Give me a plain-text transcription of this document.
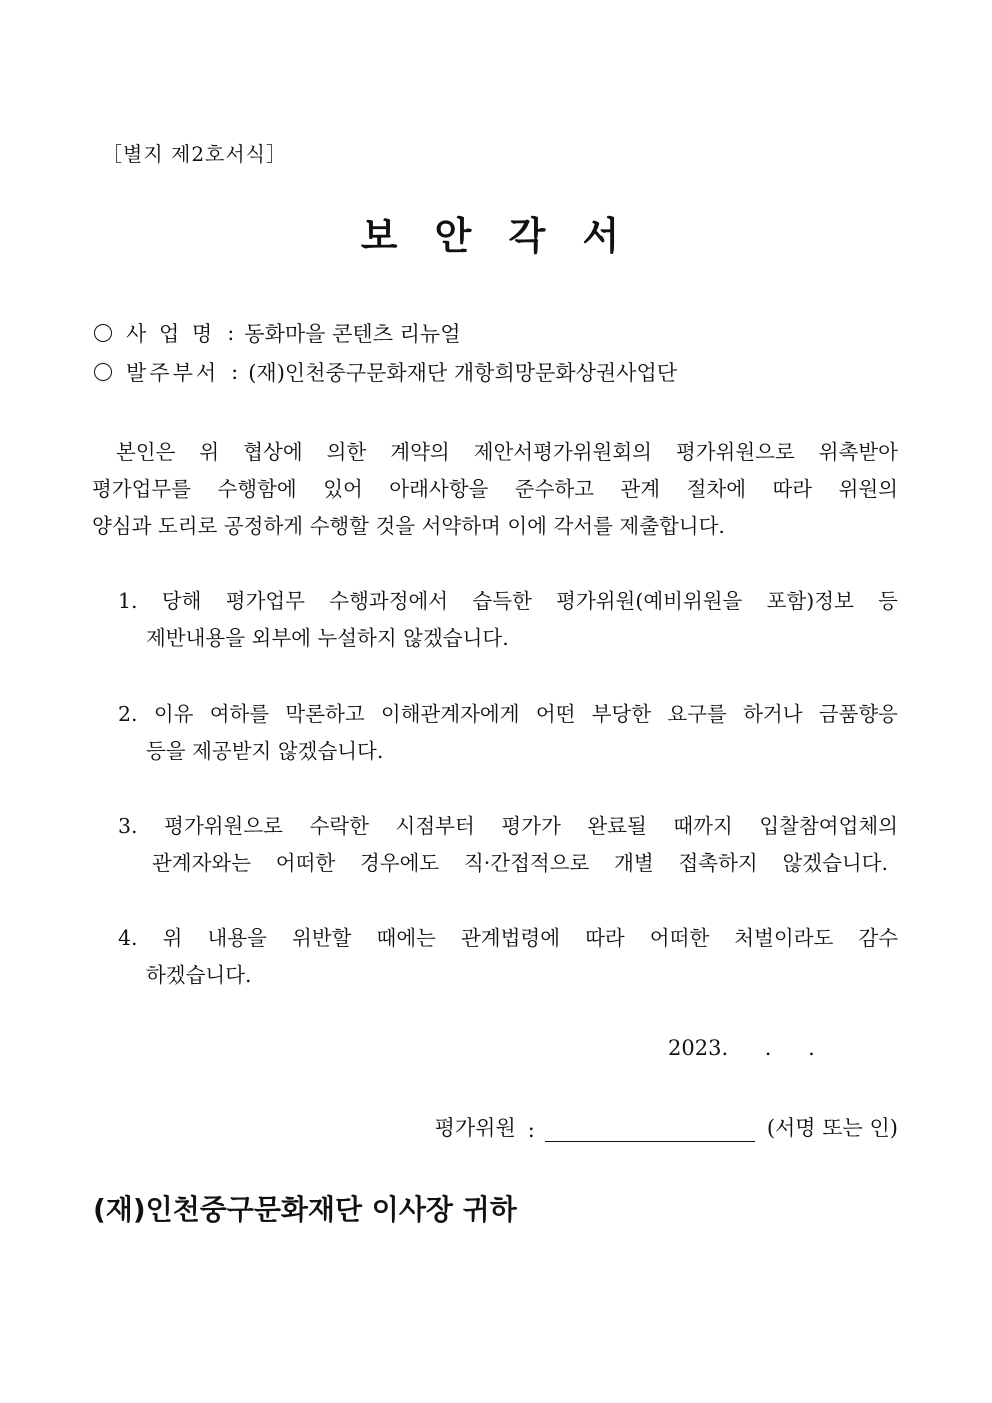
［별지 제2호서식］
보 안 각 서
사 업 명 : 동화마을 콘텐츠 리뉴얼
발주부서 : (재)인천중구문화재단 개항희망문화상권사업단
본인은 위 협상에 의한 계약의 제안서평가위원회의 평가위원으로 위촉받아
평가업무를 수행함에 있어 아래사항을 준수하고 관계 절차에 따라 위원의
양심과 도리로 공정하게 수행할 것을 서약하며 이에 각서를 제출합니다.
1. 당해 평가업무 수행과정에서 습득한 평가위원(예비위원을 포함)정보 등
제반내용을 외부에 누설하지 않겠습니다.
2. 이유 여하를 막론하고 이해관계자에게 어떤 부당한 요구를 하거나 금품향응
등을 제공받지 않겠습니다.
3. 평가위원으로 수락한 시점부터 평가가 완료될 때까지 입찰참여업체의
관계자와는 어떠한 경우에도 직·간접적으로 개별 접촉하지 않겠습니다.
4. 위 내용을 위반할 때에는 관계법령에 따라 어떠한 처벌이라도 감수
하겠습니다.
2023. . .
평가위원 :	(서명 또는 인)
(재)인천중구문화재단 이사장 귀하
